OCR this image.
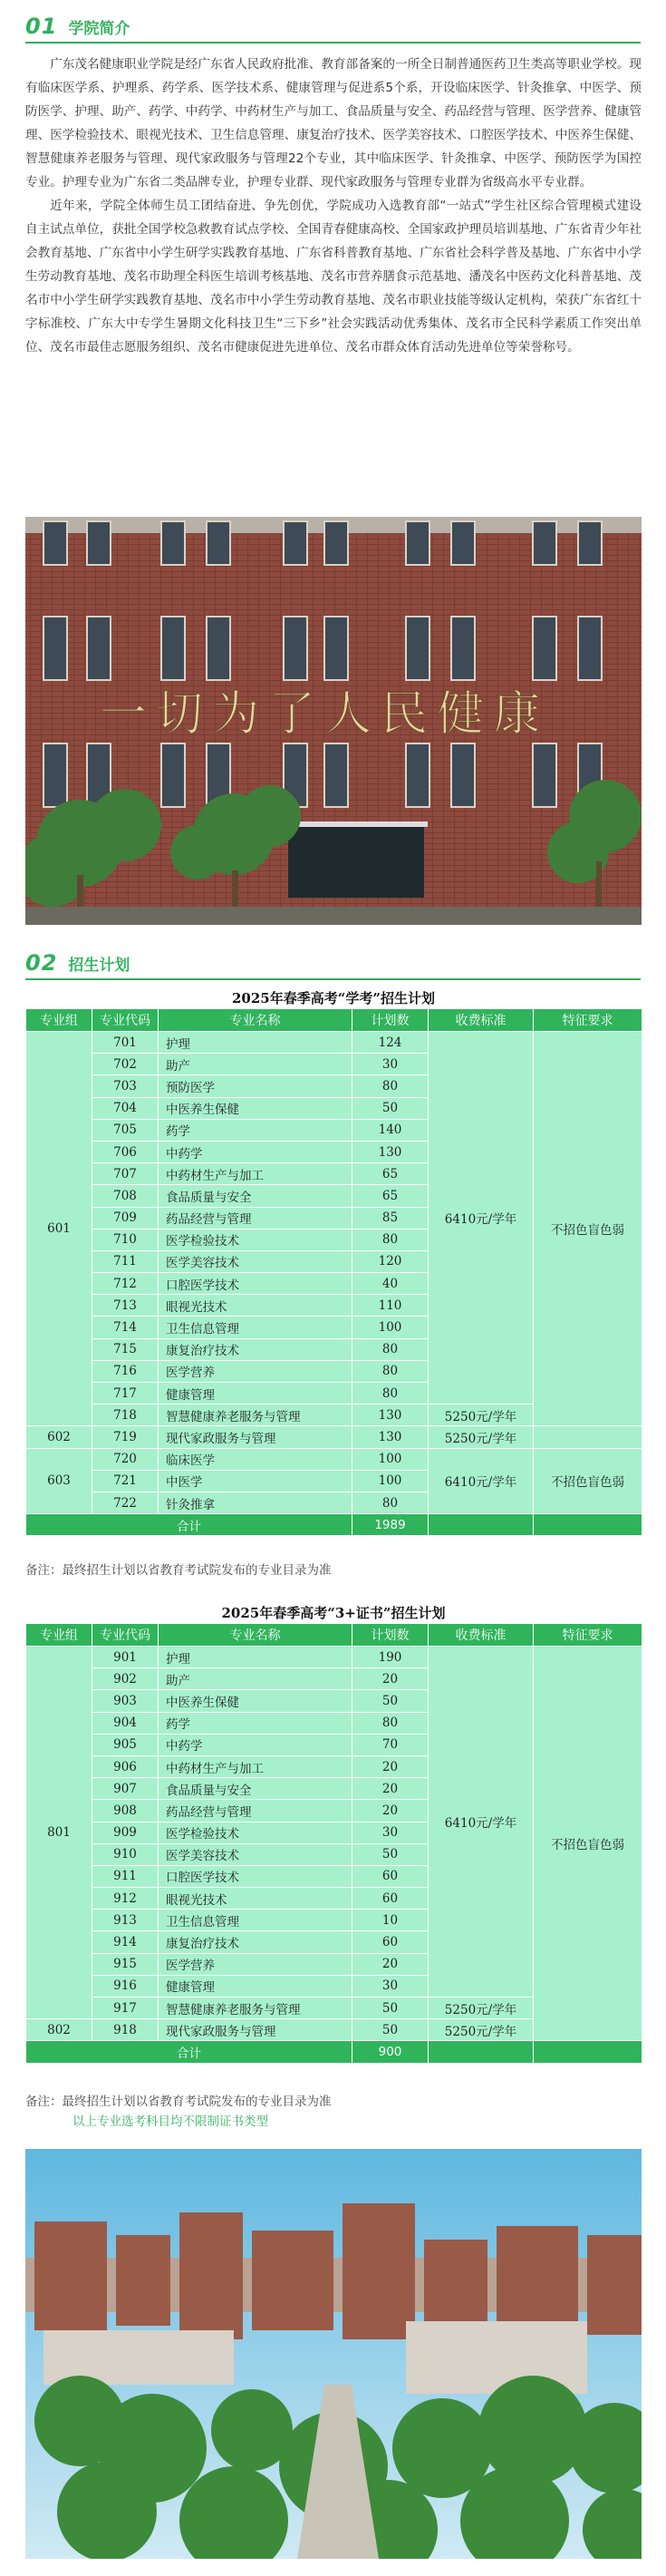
01 学院简介

广东茂名健康职业学院是经广东省人民政府批准、教育部备案的一所全日制普通医药卫生类高等职业学校。现有临床医学系、护理系、药学系、医学技术系、健康管理与促进系5个系，开设临床医学、针灸推拿、中医学、预防医学、护理、助产、药学、中药学、中药材生产与加工、食品质量与安全、药品经营与管理、医学营养、健康管理、医学检验技术、眼视光技术、卫生信息管理、康复治疗技术、医学美容技术、口腔医学技术、中医养生保健、智慧健康养老服务与管理、现代家政服务与管理22个专业，其中临床医学、针灸推拿、中医学、预防医学为国控专业。护理专业为广东省二类品牌专业，护理专业群、现代家政服务与管理专业群为省级高水平专业群。

近年来，学院全体师生员工团结奋进、争先创优，学院成功入选教育部“一站式”学生社区综合管理模式建设自主试点单位，获批全国学校急救教育试点学校、全国青春健康高校、全国家政护理员培训基地、广东省青少年社会教育基地、广东省中小学生研学实践教育基地、广东省科普教育基地、广东省社会科学普及基地、广东省中小学生劳动教育基地、茂名市助理全科医生培训考核基地、茂名市营养膳食示范基地、潘茂名中医药文化科普基地、茂名市中小学生研学实践教育基地、茂名市中小学生劳动教育基地、茂名市职业技能等级认定机构，荣获广东省红十字标准校、广东大中专学生暑期文化科技卫生“三下乡”社会实践活动优秀集体、茂名市全民科学素质工作突出单位、茂名市最佳志愿服务组织、茂名市健康促进先进单位、茂名市群众体育活动先进单位等荣誉称号。

一切为了人民健康
02 招生计划
2025年春季高考“学考”招生计划
专业组	专业代码	专业名称	计划数	收费标准	特征要求
601	701	护理	124	6410元/学年	不招色盲色弱
	702	助产	30		
	703	预防医学	80		
	704	中医养生保健	50		
	705	药学	140		
	706	中药学	130		
	707	中药材生产与加工	65		
	708	食品质量与安全	65		
	709	药品经营与管理	85		
	710	医学检验技术	80		
	711	医学美容技术	120		
	712	口腔医学技术	40		
	713	眼视光技术	110		
	714	卫生信息管理	100		
	715	康复治疗技术	80		
	716	医学营养	80		
	717	健康管理	80		
	718	智慧健康养老服务与管理	130	5250元/学年	
602	719	现代家政服务与管理	130	5250元/学年	
603	720	临床医学	100	6410元/学年	不招色盲色弱
	721	中医学	100		
	722	针灸推拿	80		
合计			1989		
备注：最终招生计划以省教育考试院发布的专业目录为准
2025年春季高考“3+证书”招生计划
专业组	专业代码	专业名称	计划数	收费标准	特征要求
801	901	护理	190	6410元/学年	不招色盲色弱
	902	助产	20		
	903	中医养生保健	50		
	904	药学	80		
	905	中药学	70		
	906	中药材生产与加工	20		
	907	食品质量与安全	20		
	908	药品经营与管理	20		
	909	医学检验技术	30		
	910	医学美容技术	50		
	911	口腔医学技术	60		
	912	眼视光技术	60		
	913	卫生信息管理	10		
	914	康复治疗技术	60		
	915	医学营养	20		
	916	健康管理	30		
	917	智慧健康养老服务与管理	50	5250元/学年	
802	918	现代家政服务与管理	50	5250元/学年	
合计			900		
备注：最终招生计划以省教育考试院发布的专业目录为准
以上专业选考科目均不限制证书类型
